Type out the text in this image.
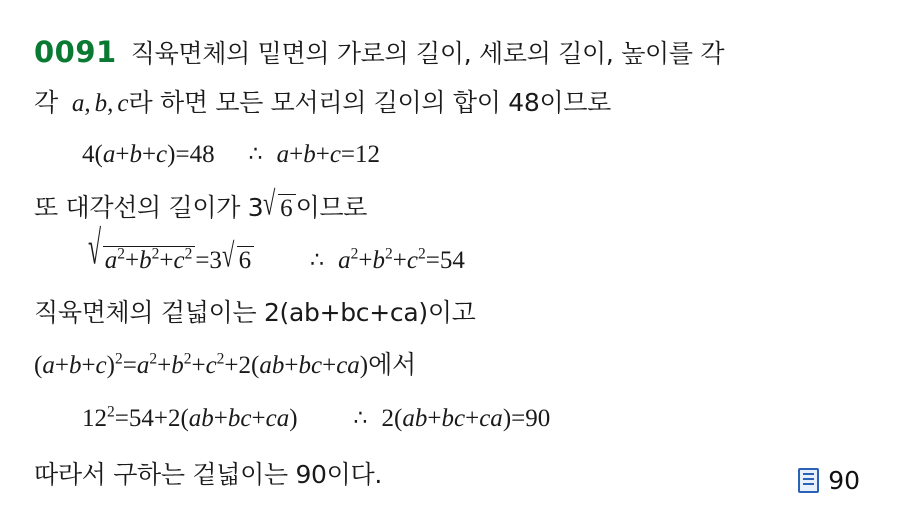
0091 직육면체의 밑면의 가로의 길이, 세로의 길이, 높이를 각
각 a, b, c라 하면 모든 모서리의 길이의 합이 48이므로
4(a+b+c)=48 ∴ a+b+c=12
또 대각선의 길이가 3√ 6 이므로
√ $a^2+b^2+c^2 =3√$ 6	∴ $a^2+b^2+c^2=54$
직육면체의 겉넓이는 2(ab+bc+ca)이고
$(a+b+c)^2=a^2+b^2+c^2+2(ab+bc+ca)$에서
$12^2=54+2(ab+bc+ca)$	∴ 2(ab+bc+ca)=90
따라서 구하는 겉넓이는 90이다.	90
